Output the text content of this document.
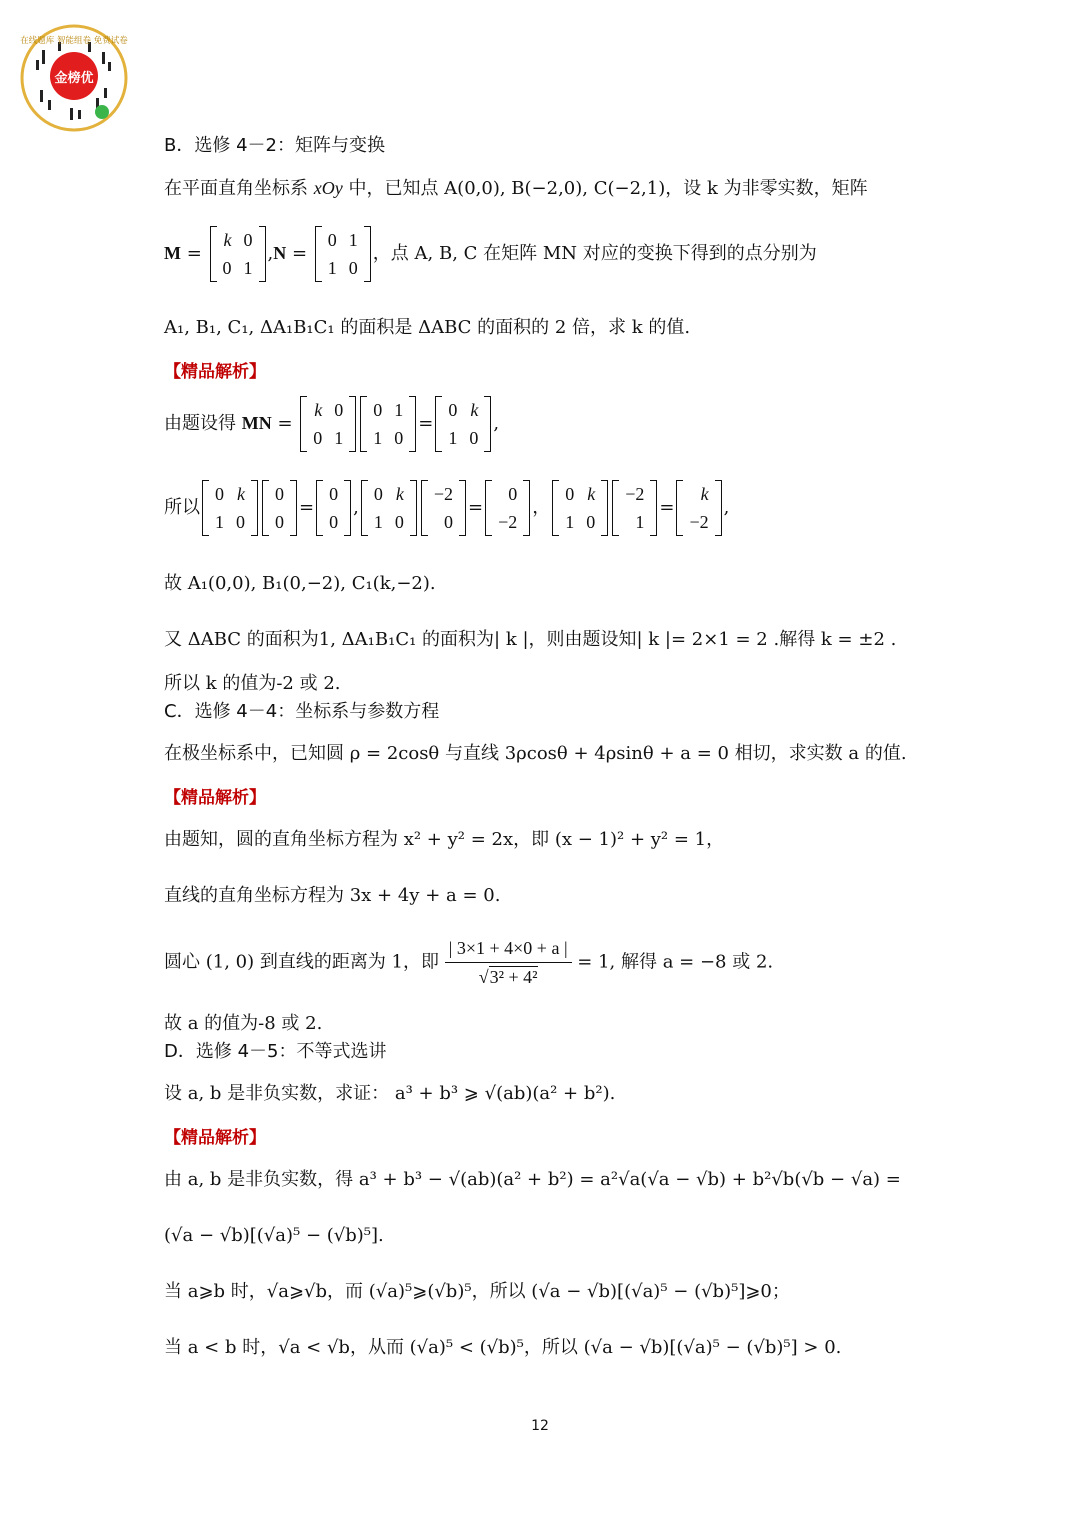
金榜优
在线题库 智能组卷 免费试卷
B．选修 4－2：矩阵与变换
在平面直角坐标系 xOy 中，已知点 A(0,0), B(−2,0), C(−2,1)，设 k 为非零实数，矩阵
M =
k	0
0	1
,N =
0	1
1	0
，点 A, B, C 在矩阵 MN 对应的变换下得到的点分别为
A₁, B₁, C₁, ΔA₁B₁C₁ 的面积是 ΔABC 的面积的 2 倍，求 k 的值.
【精品解析】
由题设得 MN =
k	0
0	1
0	1
1	0
=
0	k
1	0
,
所以
0	k
1	0
0
0
=
0
0
,
0	k
1	0
−2
0
=
0
−2
，
0	k
1	0
−2
1
=
k
−2
,
故 A₁(0,0), B₁(0,−2), C₁(k,−2).
又 ΔABC 的面积为1, ΔA₁B₁C₁ 的面积为| k |，则由题设知| k |= 2×1 = 2 .解得 k = ±2 .
所以 k 的值为-2 或 2.
C．选修 4－4：坐标系与参数方程
在极坐标系中，已知圆 ρ = 2cosθ 与直线 3ρcosθ + 4ρsinθ + a = 0 相切，求实数 a 的值.
【精品解析】
由题知，圆的直角坐标方程为 x² + y² = 2x，即 (x − 1)² + y² = 1，
直线的直角坐标方程为 3x + 4y + a = 0.
圆心 (1, 0) 到直线的距离为 1，即 $\frac{| 3\times 1 + 4\times 0 + a |}{\text{√3² + 4²}} = 1$, 解得 a = −8 或 2.
故 a 的值为-8 或 2.
D．选修 4－5：不等式选讲
设 a, b 是非负实数，求证： a³ + b³ ⩾ √(ab)(a² + b²).
【精品解析】
由 a, b 是非负实数，得 a³ + b³ − √(ab)(a² + b²) = a²√a(√a − √b) + b²√b(√b − √a) =
(√a − √b)[(√a)⁵ − (√b)⁵].
当 a⩾b 时，√a⩾√b，而 (√a)⁵⩾(√b)⁵，所以 (√a − √b)[(√a)⁵ − (√b)⁵]⩾0；
当 a < b 时，√a < √b，从而 (√a)⁵ < (√b)⁵，所以 (√a − √b)[(√a)⁵ − (√b)⁵] > 0.
12
